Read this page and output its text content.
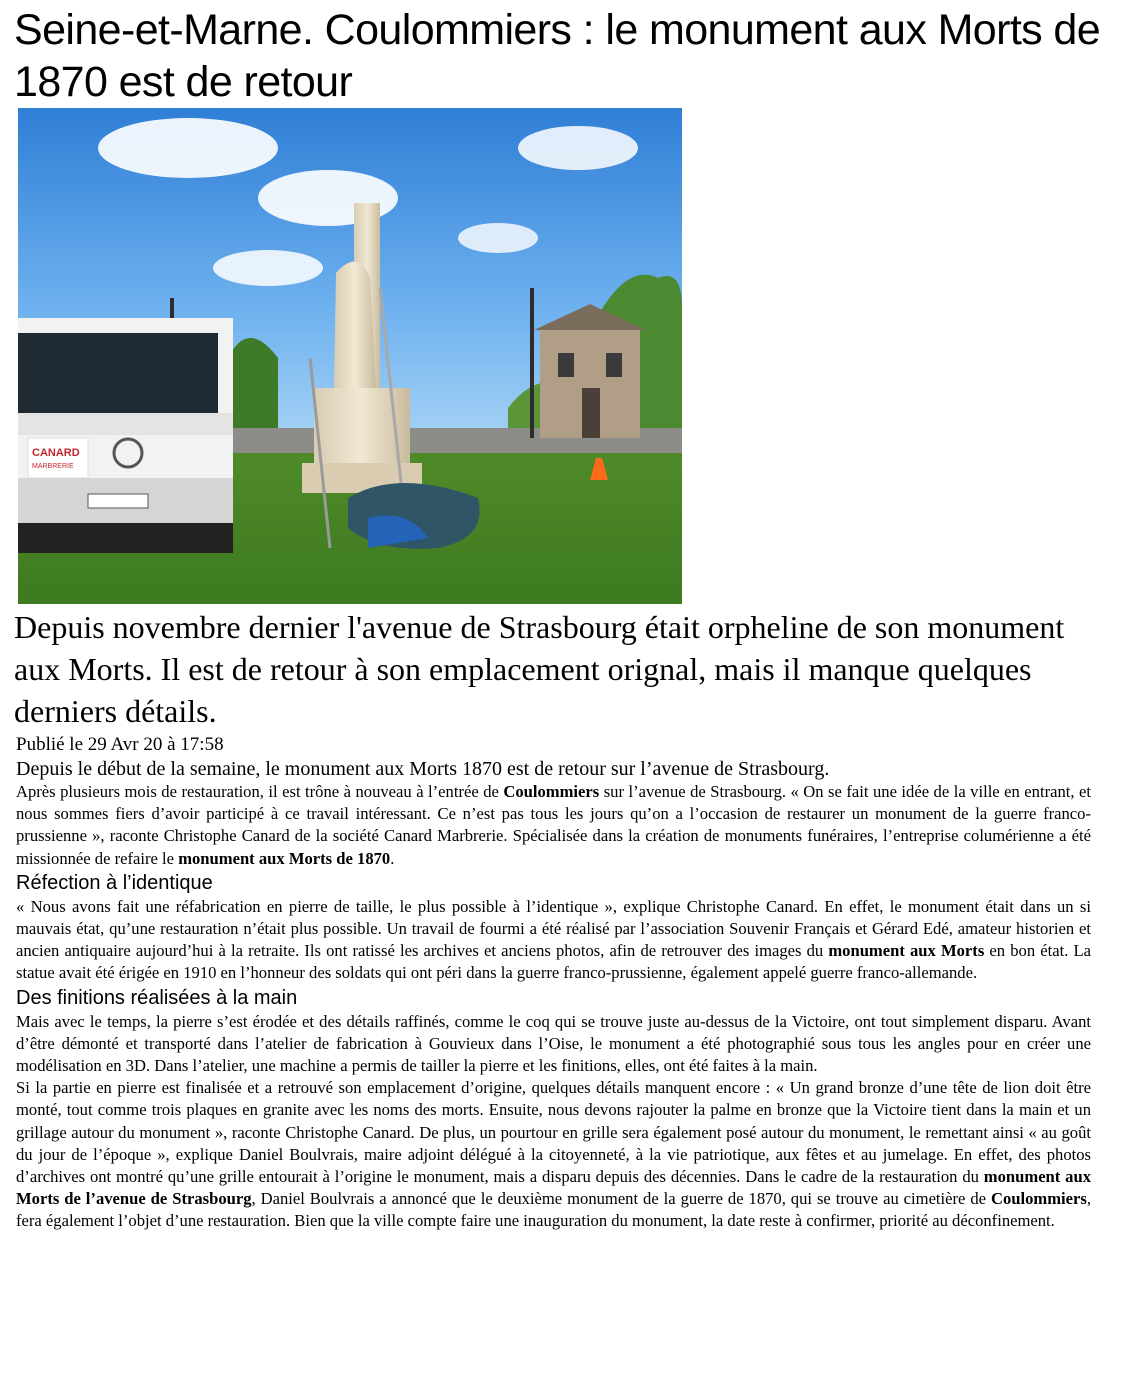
Seine-et-Marne. Coulommiers : le monument aux Morts de 1870 est de retour
CANARD
MARBRERIE

Depuis novembre dernier l'avenue de Strasbourg était orpheline de son monument aux Morts. Il est de retour à son emplacement orignal, mais il manque quelques derniers détails.

Publié le 29 Avr 20 à 17:58

Depuis le début de la semaine, le monument aux Morts 1870 est de retour sur l’avenue de Strasbourg.

Après plusieurs mois de restauration, il est trône à nouveau à l’entrée de Coulommiers sur l’avenue de Strasbourg. « On se fait une idée de la ville en entrant, et nous sommes fiers d’avoir participé à ce travail intéressant. Ce n’est pas tous les jours qu’on a l’occasion de restaurer un monument de la guerre franco-prussienne », raconte Christophe Canard de la société Canard Marbrerie. Spécialisée dans la création de monuments funéraires, l’entreprise columérienne a été missionnée de refaire le monument aux Morts de 1870.

Réfection à l’identique

« Nous avons fait une réfabrication en pierre de taille, le plus possible à l’identique », explique Christophe Canard. En effet, le monument était dans un si mauvais état, qu’une restauration n’était plus possible. Un travail de fourmi a été réalisé par l’association Souvenir Français et Gérard Edé, amateur historien et ancien antiquaire aujourd’hui à la retraite. Ils ont ratissé les archives et anciens photos, afin de retrouver des images du monument aux Morts en bon état. La statue avait été érigée en 1910 en l’honneur des soldats qui ont péri dans la guerre franco-prussienne, également appelé guerre franco-allemande.

Des finitions réalisées à la main

Mais avec le temps, la pierre s’est érodée et des détails raffinés, comme le coq qui se trouve juste au-dessus de la Victoire, ont tout simplement disparu. Avant d’être démonté et transporté dans l’atelier de fabrication à Gouvieux dans l’Oise, le monument a été photographié sous tous les angles pour en créer une modélisation en 3D. Dans l’atelier, une machine a permis de tailler la pierre et les finitions, elles, ont été faites à la main.

Si la partie en pierre est finalisée et a retrouvé son emplacement d’origine, quelques détails manquent encore : « Un grand bronze d’une tête de lion doit être monté, tout comme trois plaques en granite avec les noms des morts. Ensuite, nous devons rajouter la palme en bronze que la Victoire tient dans la main et un grillage autour du monument », raconte Christophe Canard. De plus, un pourtour en grille sera également posé autour du monument, le remettant ainsi « au goût du jour de l’époque », explique Daniel Boulvrais, maire adjoint délégué à la citoyenneté, à la vie patriotique, aux fêtes et au jumelage. En effet, des photos d’archives ont montré qu’une grille entourait à l’origine le monument, mais a disparu depuis des décennies. Dans le cadre de la restauration du monument aux Morts de l’avenue de Strasbourg, Daniel Boulvrais a annoncé que le deuxième monument de la guerre de 1870, qui se trouve au cimetière de Coulommiers, fera également l’objet d’une restauration. Bien que la ville compte faire une inauguration du monument, la date reste à confirmer, priorité au déconfinement.
